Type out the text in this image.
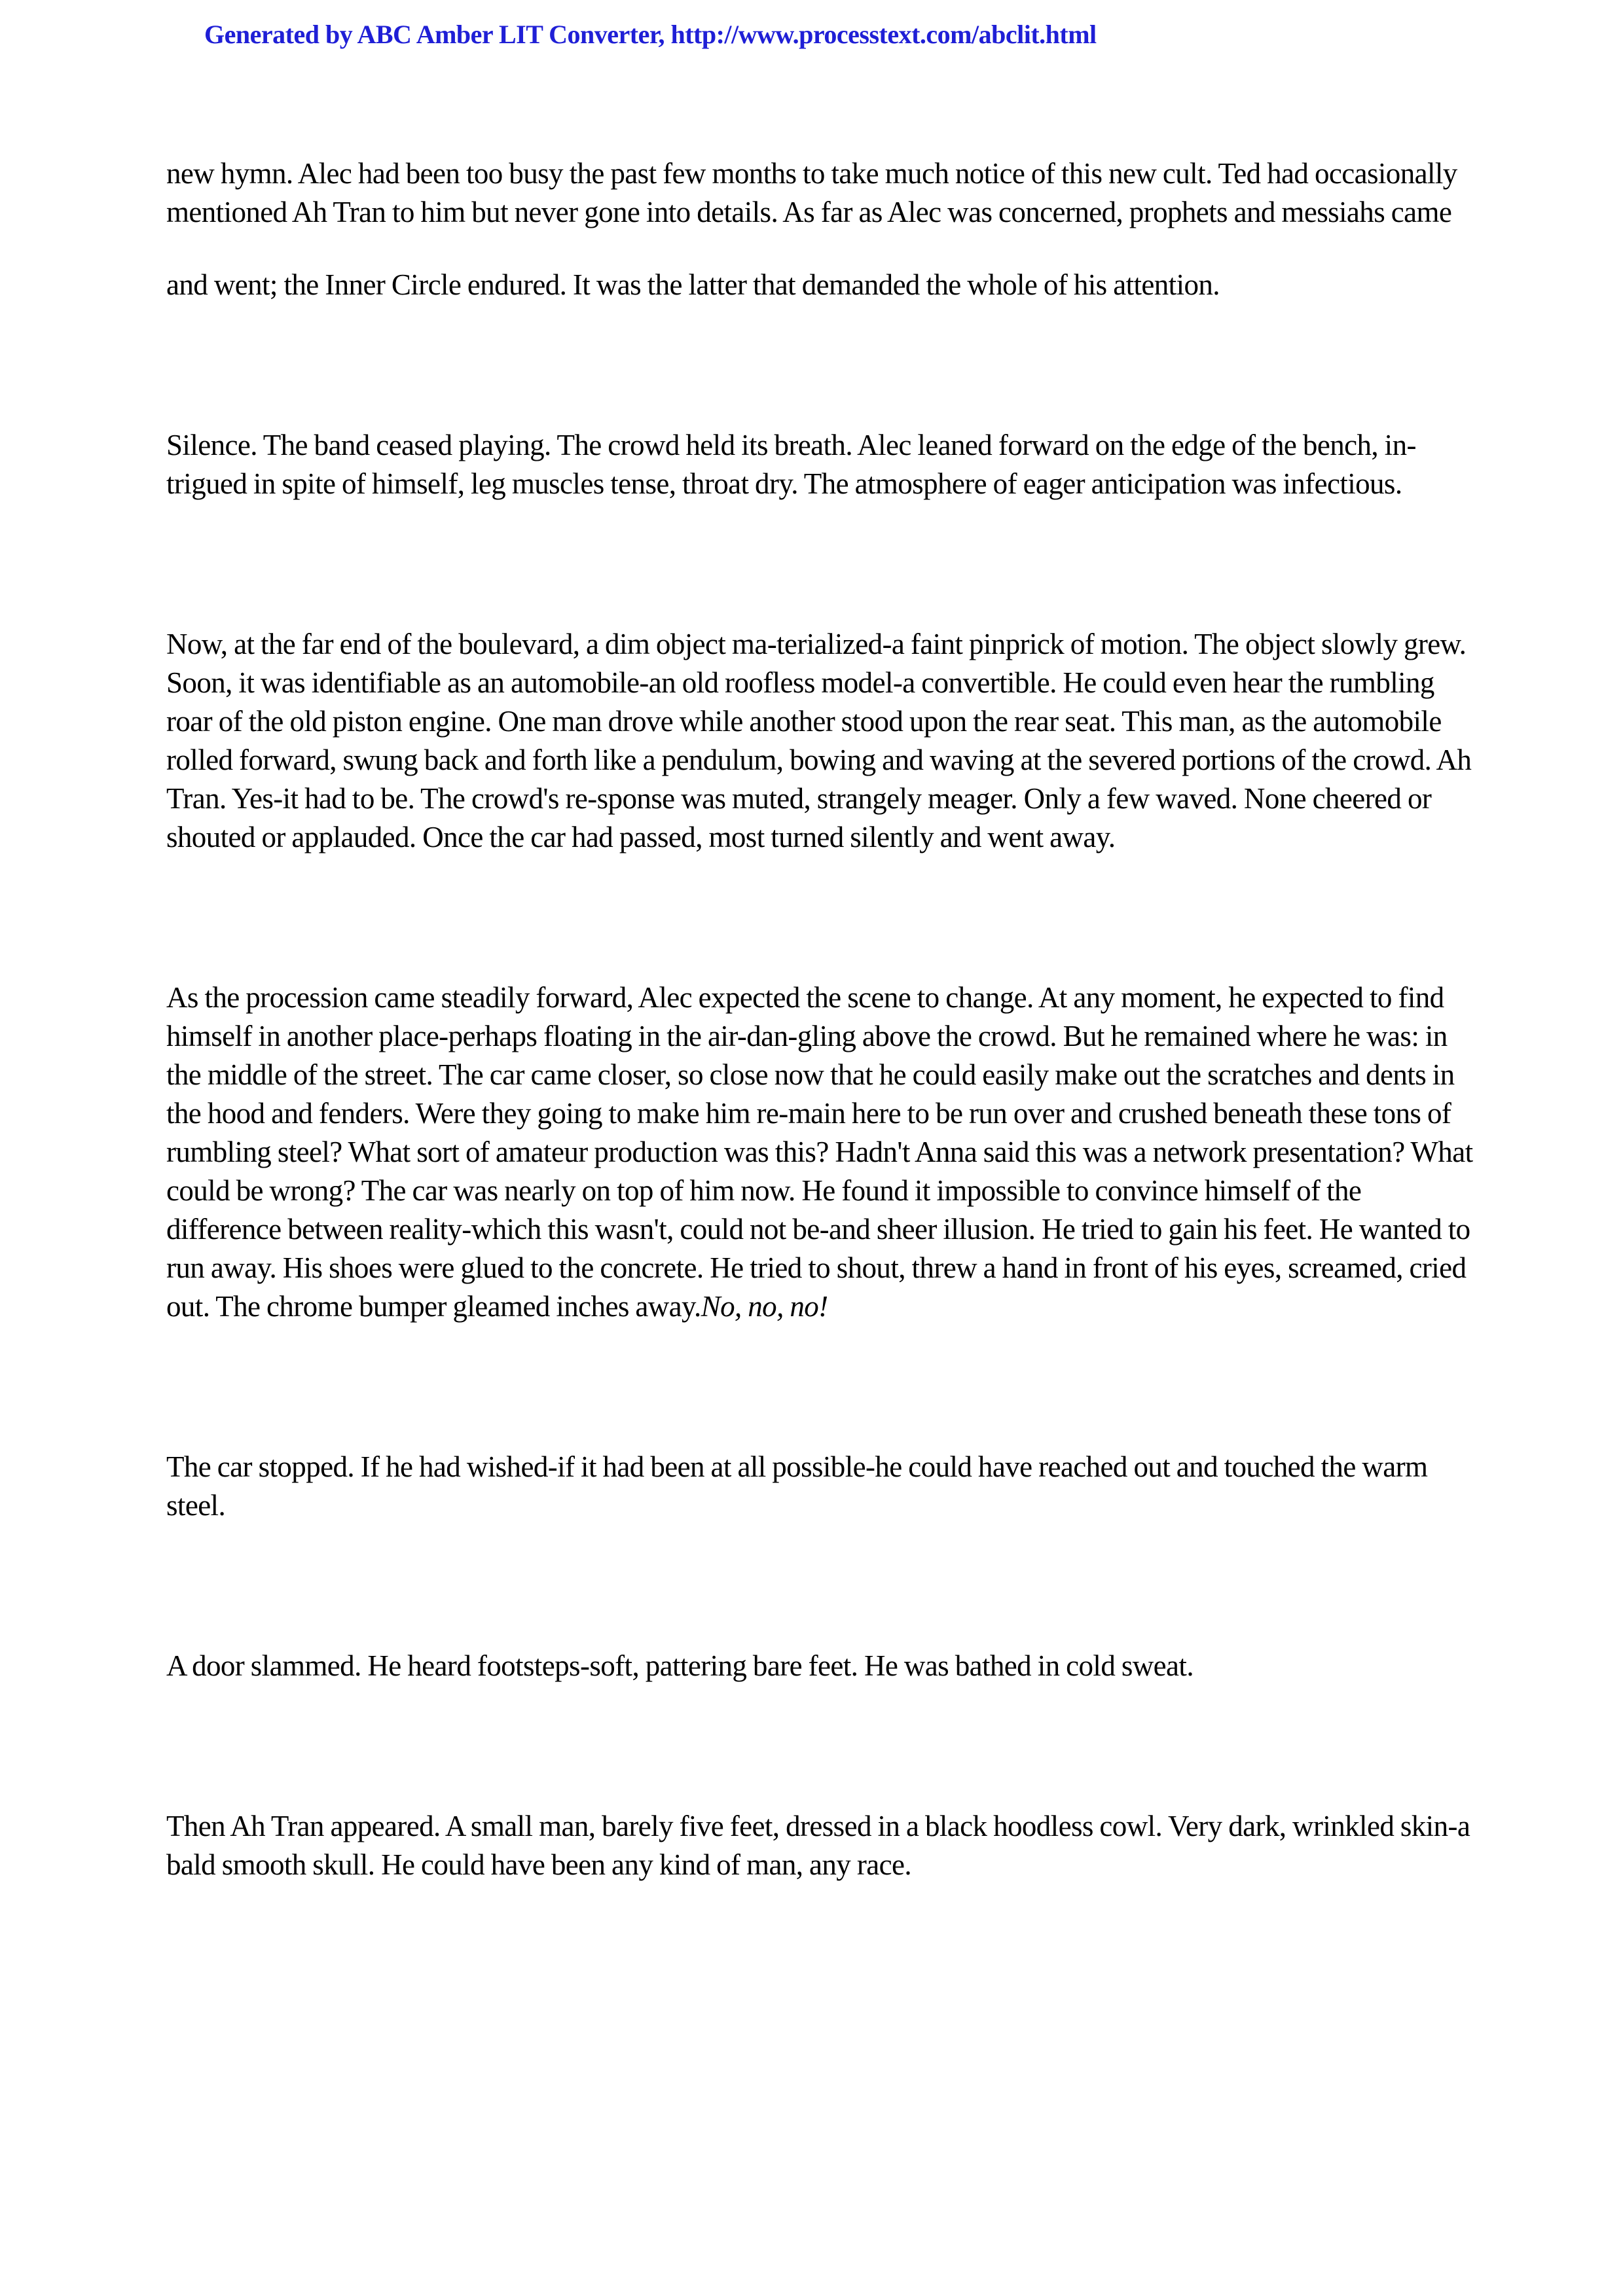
Generated by ABC Amber LIT Converter, http://www.processtext.com/abclit.html

new hymn. Alec had been too busy the past few months to take much notice of this new cult. Ted had occasionally mentioned Ah Tran to him but never gone into details. As far as Alec was concerned, prophets and messiahs came

and went; the Inner Circle endured. It was the latter that demanded the whole of his attention.

Silence. The band ceased playing. The crowd held its breath. Alec leaned forward on the edge of the bench, in-trigued in spite of himself, leg muscles tense, throat dry. The atmosphere of eager anticipation was infectious.

Now, at the far end of the boulevard, a dim object ma-terialized-a faint pinprick of motion. The object slowly grew. Soon, it was identifiable as an automobile-an old roofless model-a convertible. He could even hear the rumbling roar of the old piston engine. One man drove while another stood upon the rear seat. This man, as the automobile rolled forward, swung back and forth like a pendulum, bowing and waving at the severed portions of the crowd. Ah Tran. Yes-it had to be. The crowd's re-sponse was muted, strangely meager. Only a few waved. None cheered or shouted or applauded. Once the car had passed, most turned silently and went away.

As the procession came steadily forward, Alec expected the scene to change. At any moment, he expected to find himself in another place-perhaps floating in the air-dan-gling above the crowd. But he remained where he was: in the middle of the street. The car came closer, so close now that he could easily make out the scratches and dents in the hood and fenders. Were they going to make him re-main here to be run over and crushed beneath these tons of rumbling steel? What sort of amateur production was this? Hadn't Anna said this was a network presentation? What could be wrong? The car was nearly on top of him now. He found it impossible to convince himself of the difference between reality-which this wasn't, could not be-and sheer illusion. He tried to gain his feet. He wanted to run away. His shoes were glued to the concrete. He tried to shout, threw a hand in front of his eyes, screamed, cried out. The chrome bumper gleamed inches away.No, no, no!

The car stopped. If he had wished-if it had been at all possible-he could have reached out and touched the warm steel.

A door slammed. He heard footsteps-soft, pattering bare feet. He was bathed in cold sweat.

Then Ah Tran appeared. A small man, barely five feet, dressed in a black hoodless cowl. Very dark, wrinkled skin-a bald smooth skull. He could have been any kind of man, any race.
